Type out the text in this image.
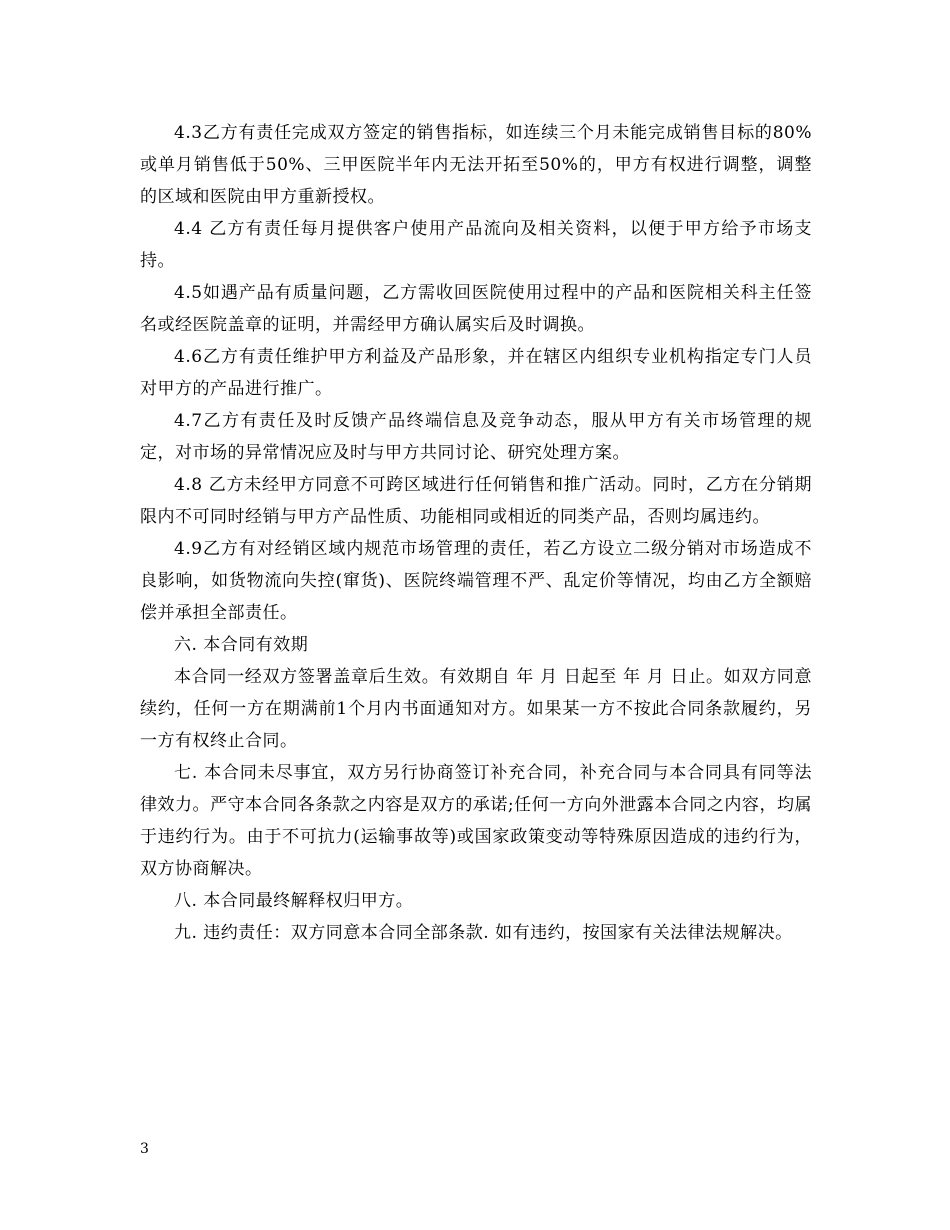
4.3乙方有责任完成双方签定的销售指标，如连续三个月未能完成销售目标的80%或单月销售低于50%、三甲医院半年内无法开拓至50%的，甲方有权进行调整，调整的区域和医院由甲方重新授权。

4.4 乙方有责任每月提供客户使用产品流向及相关资料，以便于甲方给予市场支持。

4.5如遇产品有质量问题，乙方需收回医院使用过程中的产品和医院相关科主任签名或经医院盖章的证明，并需经甲方确认属实后及时调换。

4.6乙方有责任维护甲方利益及产品形象，并在辖区内组织专业机构指定专门人员对甲方的产品进行推广。

4.7乙方有责任及时反馈产品终端信息及竞争动态，服从甲方有关市场管理的规定，对市场的异常情况应及时与甲方共同讨论、研究处理方案。

4.8 乙方未经甲方同意不可跨区域进行任何销售和推广活动。同时，乙方在分销期限内不可同时经销与甲方产品性质、功能相同或相近的同类产品，否则均属违约。

4.9乙方有对经销区域内规范市场管理的责任，若乙方设立二级分销对市场造成不良影响，如货物流向失控(窜货)、医院终端管理不严、乱定价等情况，均由乙方全额赔偿并承担全部责任。

六. 本合同有效期

本合同一经双方签署盖章后生效。有效期自 年 月 日起至 年 月 日止。如双方同意续约，任何一方在期满前1个月内书面通知对方。如果某一方不按此合同条款履约，另一方有权终止合同。

七. 本合同未尽事宜，双方另行协商签订补充合同，补充合同与本合同具有同等法律效力。严守本合同各条款之内容是双方的承诺;任何一方向外泄露本合同之内容，均属于违约行为。由于不可抗力(运输事故等)或国家政策变动等特殊原因造成的违约行为，双方协商解决。

八. 本合同最终解释权归甲方。

九. 违约责任：双方同意本合同全部条款. 如有违约，按国家有关法律法规解决。

3
